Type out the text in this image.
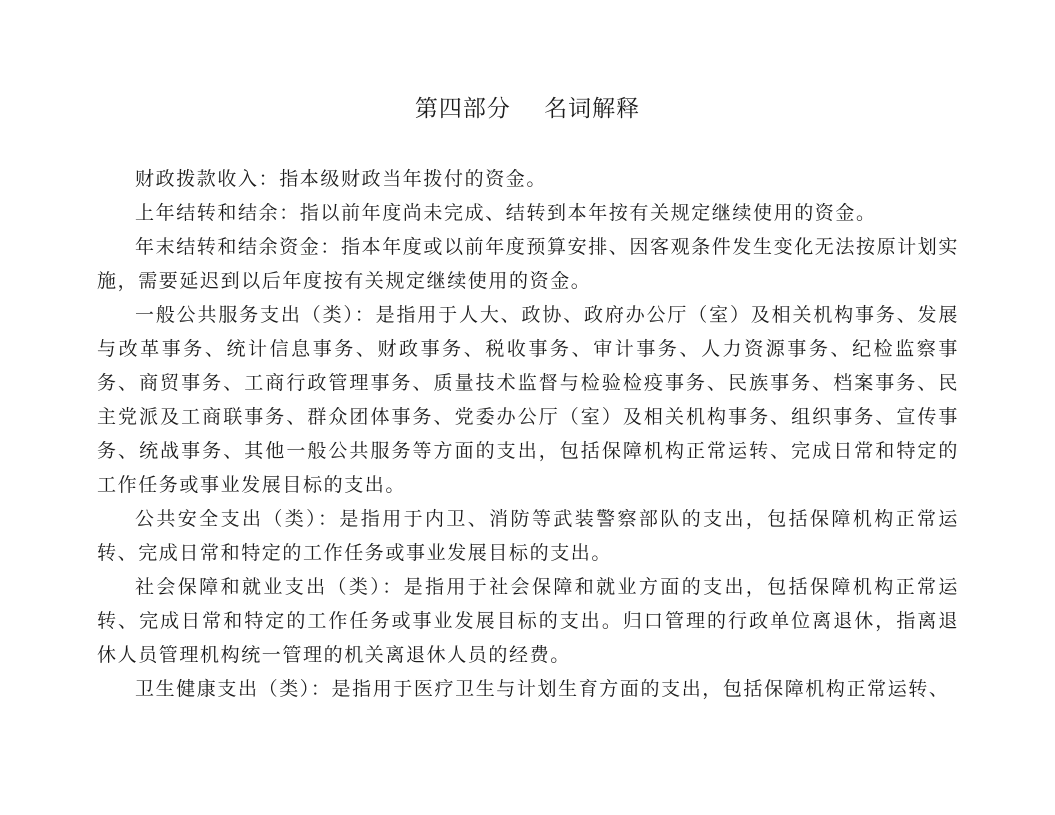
第四部分    名词解释

财政拨款收入：指本级财政当年拨付的资金。

上年结转和结余：指以前年度尚未完成、结转到本年按有关规定继续使用的资金。

年末结转和结余资金：指本年度或以前年度预算安排、因客观条件发生变化无法按原计划实施，需要延迟到以后年度按有关规定继续使用的资金。

一般公共服务支出（类）：是指用于人大、政协、政府办公厅（室）及相关机构事务、发展与改革事务、统计信息事务、财政事务、税收事务、审计事务、人力资源事务、纪检监察事务、商贸事务、工商行政管理事务、质量技术监督与检验检疫事务、民族事务、档案事务、民主党派及工商联事务、群众团体事务、党委办公厅（室）及相关机构事务、组织事务、宣传事务、统战事务、其他一般公共服务等方面的支出，包括保障机构正常运转、完成日常和特定的工作任务或事业发展目标的支出。

公共安全支出（类）：是指用于内卫、消防等武装警察部队的支出，包括保障机构正常运转、完成日常和特定的工作任务或事业发展目标的支出。

社会保障和就业支出（类）：是指用于社会保障和就业方面的支出，包括保障机构正常运转、完成日常和特定的工作任务或事业发展目标的支出。归口管理的行政单位离退休，指离退休人员管理机构统一管理的机关离退休人员的经费。

卫生健康支出（类）：是指用于医疗卫生与计划生育方面的支出，包括保障机构正常运转、
